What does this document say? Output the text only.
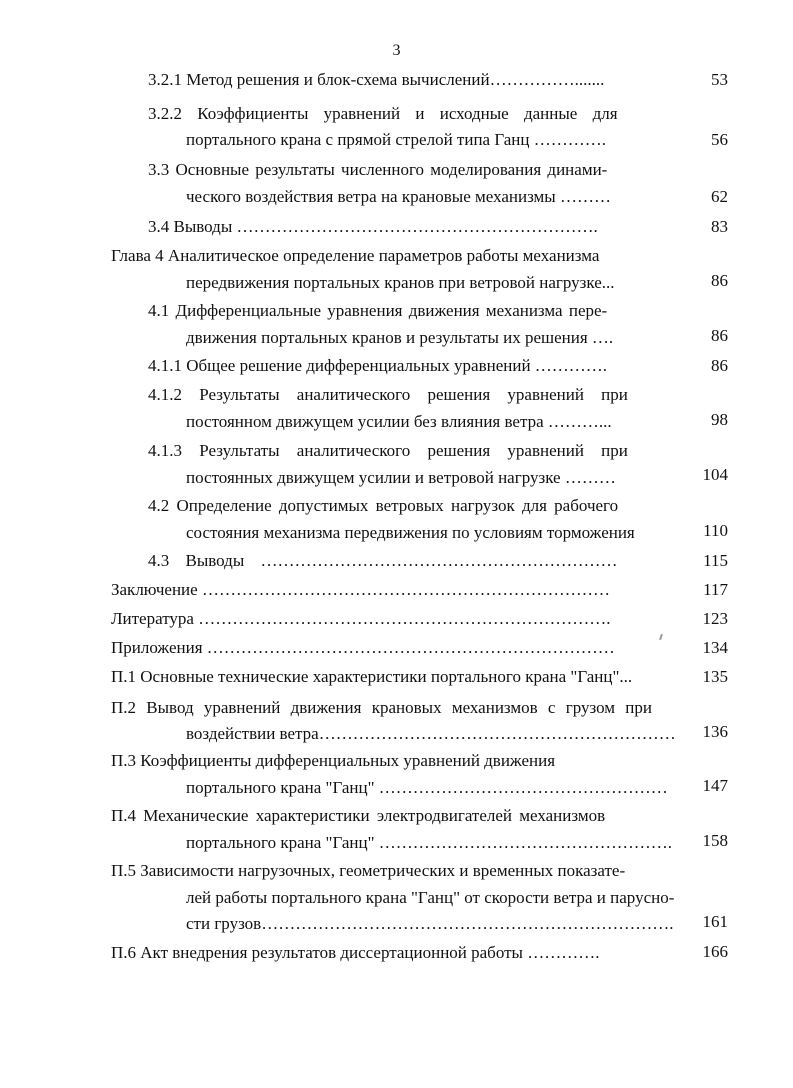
3
3.2.1 Метод решения и блок-схема вычислений…………….......	53
3.2.2 Коэффициенты уравнений и исходные данные для
портального крана с прямой стрелой типа Ганц ………….	56
3.3 Основные результаты численного моделирования динами-
ческого воздействия ветра на крановые механизмы ………	62
3.4 Выводы ……………………………………………………….	83
Глава 4 Аналитическое определение параметров работы механизма
передвижения портальных кранов при ветровой нагрузке...	86
4.1 Дифференциальные уравнения движения механизма пере-
движения портальных кранов и результаты их решения ….	86
4.1.1 Общее решение дифференциальных уравнений ………….	86
4.1.2 Результаты аналитического решения уравнений при
постоянном движущем усилии без влияния ветра ………...	98
4.1.3 Результаты аналитического решения уравнений при
постоянных движущем усилии и ветровой нагрузке ………	104
4.2 Определение допустимых ветровых нагрузок для рабочего
состояния механизма передвижения по условиям торможения	110
4.3 Выводы ………………………………………………………	115
Заключение ………………………………………………………………	117
Литература ……………………………………………………………….	123
Приложения ………………………………………………………………	134
П.1 Основные технические характеристики портального крана "Ганц"...	135
П.2 Вывод уравнений движения крановых механизмов с грузом при
воздействии ветра………………………………………………………	136
П.3 Коэффициенты дифференциальных уравнений движения
портального крана "Ганц" ……………………………………………	147
П.4 Механические характеристики электродвигателей механизмов
портального крана "Ганц" …………………………………………….	158
П.5 Зависимости нагрузочных, геометрических и временных показате-
лей работы портального крана "Ганц" от скорости ветра и парусно-
сти грузов……………………………………………………………….	161
П.6 Акт внедрения результатов диссертационной работы ………….	166
